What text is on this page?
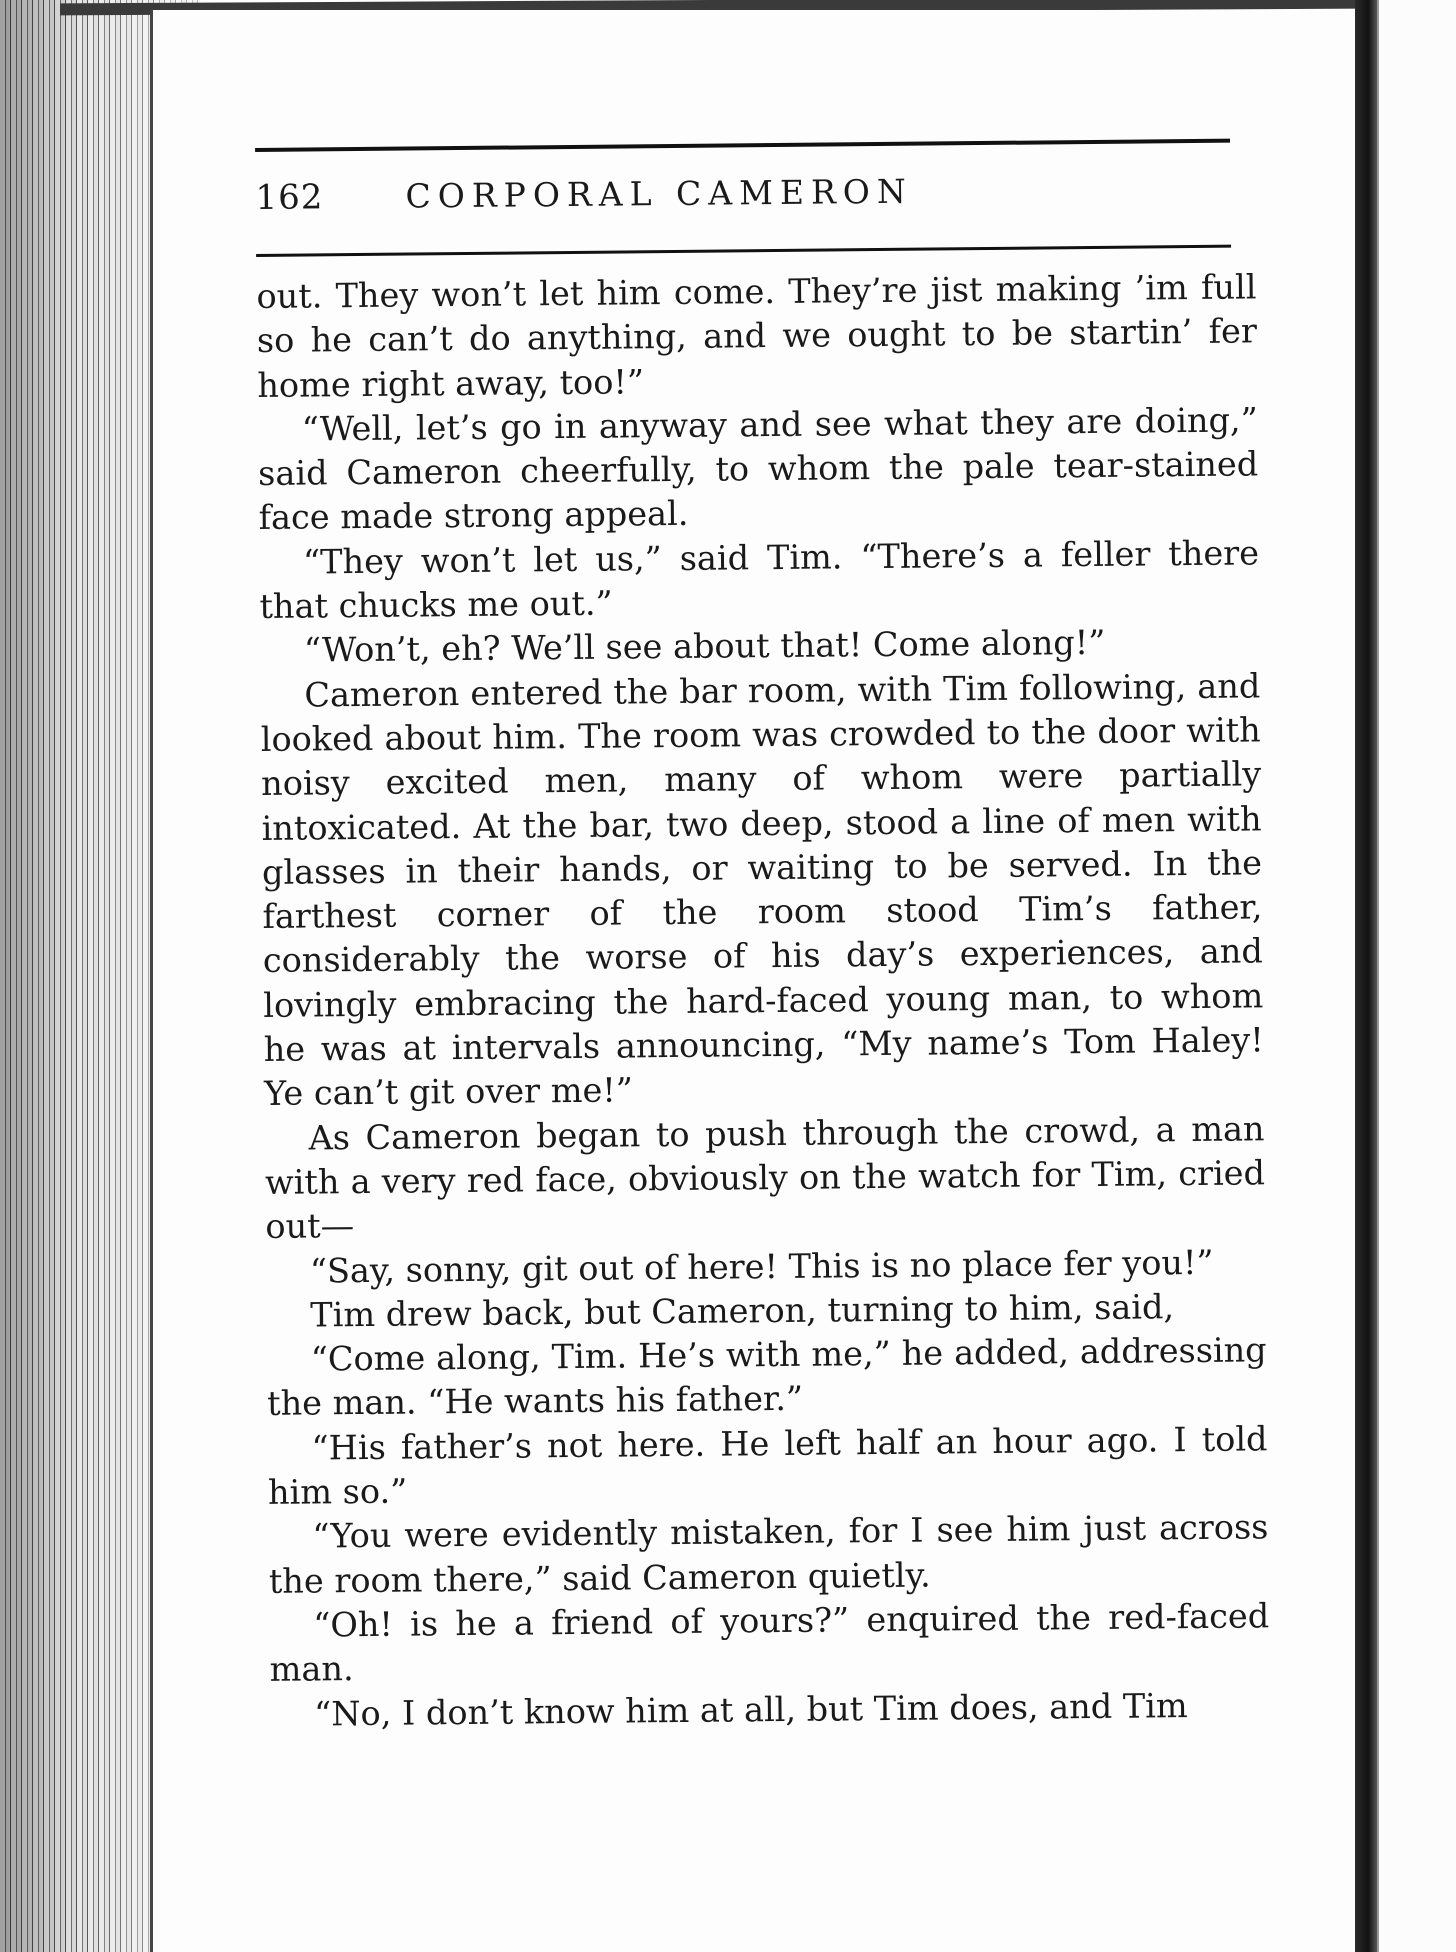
162	CORPORAL CAMERON

out. They won’t let him come. They’re jist making ’im full so he can’t do anything, and we ought to be startin’ fer home right away, too!”

“Well, let’s go in anyway and see what they are doing,” said Cameron cheerfully, to whom the pale tear-stained face made strong appeal.

“They won’t let us,” said Tim. “There’s a feller there that chucks me out.”

“Won’t, eh? We’ll see about that! Come along!”

Cameron entered the bar room, with Tim following, and looked about him. The room was crowded to the door with noisy excited men, many of whom were partially intoxicated. At the bar, two deep, stood a line of men with glasses in their hands, or waiting to be served. In the farthest corner of the room stood Tim’s father, considerably the worse of his day’s experiences, and lovingly embracing the hard-faced young man, to whom he was at intervals announcing, “My name’s Tom Haley! Ye can’t git over me!”

As Cameron began to push through the crowd, a man with a very red face, obviously on the watch for Tim, cried out—

“Say, sonny, git out of here! This is no place fer you!”

Tim drew back, but Cameron, turning to him, said,

“Come along, Tim. He’s with me,” he added, addressing the man. “He wants his father.”

“His father’s not here. He left half an hour ago. I told him so.”

“You were evidently mistaken, for I see him just across the room there,” said Cameron quietly.

“Oh! is he a friend of yours?” enquired the red-faced man.

“No, I don’t know him at all, but Tim does, and Tim
